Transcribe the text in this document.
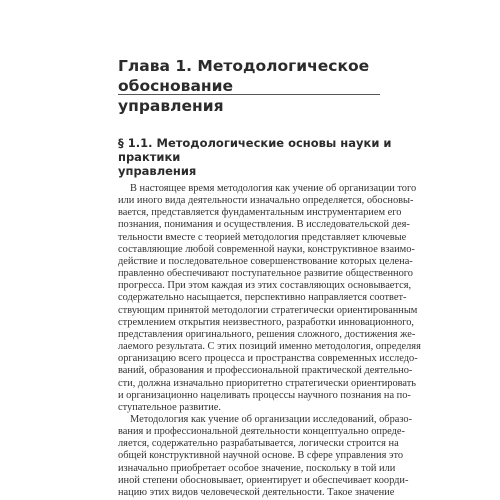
Глава 1. Методологическое обоснование
управления
§ 1.1. Методологические основы науки и практики
управления
В настоящее время методология как учение об организации того
или иного вида деятельности изначально определяется, обосновы-
вается, представляется фундаментальным инструментарием его
познания, понимания и осуществления. В исследовательской дея-
тельности вместе с теорией методология представляет ключевые
составляющие любой современной науки, конструктивное взаимо-
действие и последовательное совершенствование которых целена-
правленно обеспечивают поступательное развитие общественного
прогресса. При этом каждая из этих составляющих основывается,
содержательно насыщается, перспективно направляется соответ-
ствующим принятой методологии стратегически ориентированным
стремлением открытия неизвестного, разработки инновационного,
представления оригинального, решения сложного, достижения же-
лаемого результата. С этих позиций именно методология, определяя
организацию всего процесса и пространства современных исследо-
ваний, образования и профессиональной практической деятельно-
сти, должна изначально приоритетно стратегически ориентировать
и организационно нацеливать процессы научного познания на по-
ступательное развитие.
Методология как учение об организации исследований, образо-
вания и профессиональной деятельности концептуально опреде-
ляется, содержательно разрабатывается, логически строится на
общей конструктивной научной основе. В сфере управления это
изначально приобретает особое значение, поскольку в той или
иной степени обосновывает, ориентирует и обеспечивает коорди-
нацию этих видов человеческой деятельности. Такое значение
